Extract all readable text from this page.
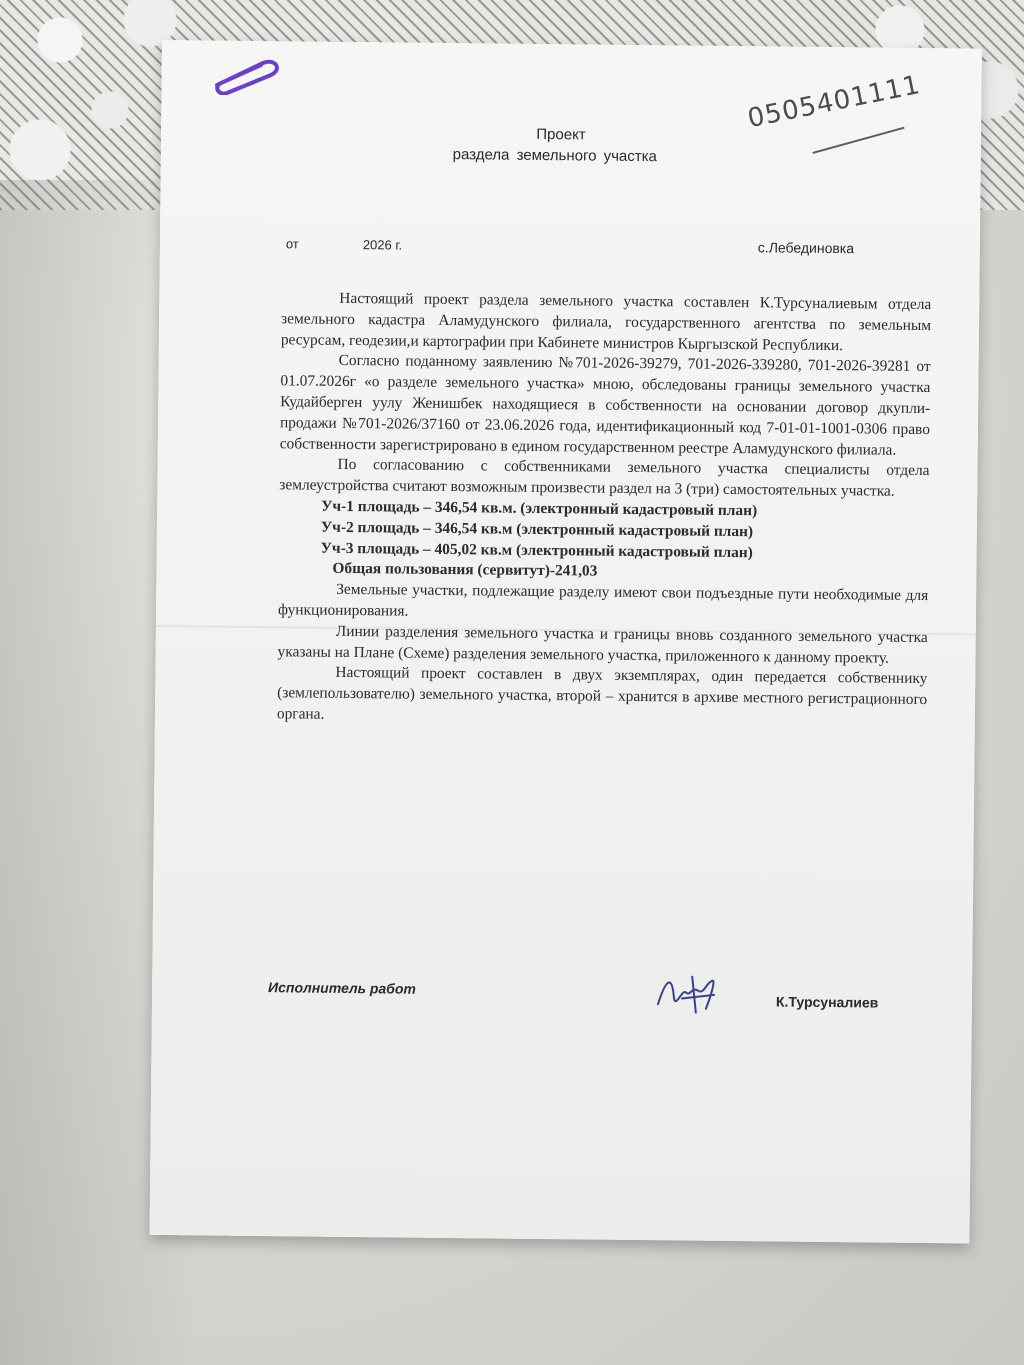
0505401111
Проект
раздела земельного участка
от	2026 г.	с.Лебединовка

Настоящий проект раздела земельного участка составлен К.Турсуналиевым отдела земельного кадастра Аламудунского филиала, государственного агентства по земельным ресурсам, геодезии,и картографии при Кабинете министров Кыргызской Республики.

Согласно поданному заявлению №701-2026-39279, 701-2026-339280, 701-2026-39281 от 01.07.2026г «о разделе земельного участка» мною, обследованы границы земельного участка Кудайберген уулу Женишбек находящиеся в собственности на основании договор дкупли-продажи №701-2026/37160 от 23.06.2026 года, идентификационный код 7-01-01-1001-0306 право собственности зарегистрировано в едином государственном реестре Аламудунского филиала.

По согласованию с собственниками земельного участка специалисты отдела землеустройства считают возможным произвести раздел на 3 (три) самостоятельных участка.

Уч-1 площадь – 346,54 кв.м. (электронный кадастровый план)
Уч-2 площадь – 346,54 кв.м (электронный кадастровый план)
Уч-3 площадь – 405,02 кв.м (электронный кадастровый план)
Общая пользования (сервитут)-241,03

Земельные участки, подлежащие разделу имеют свои подъездные пути необходимые для функционирования.

Линии разделения земельного участка и границы вновь созданного земельного участка указаны на Плане (Схеме) разделения земельного участка, приложенного к данному проекту.

Настоящий проект составлен в двух экземплярах, один передается собственнику (землепользователю) земельного участка, второй – хранится в архиве местного регистрационного органа.

Исполнитель работ
К.Турсуналиев
